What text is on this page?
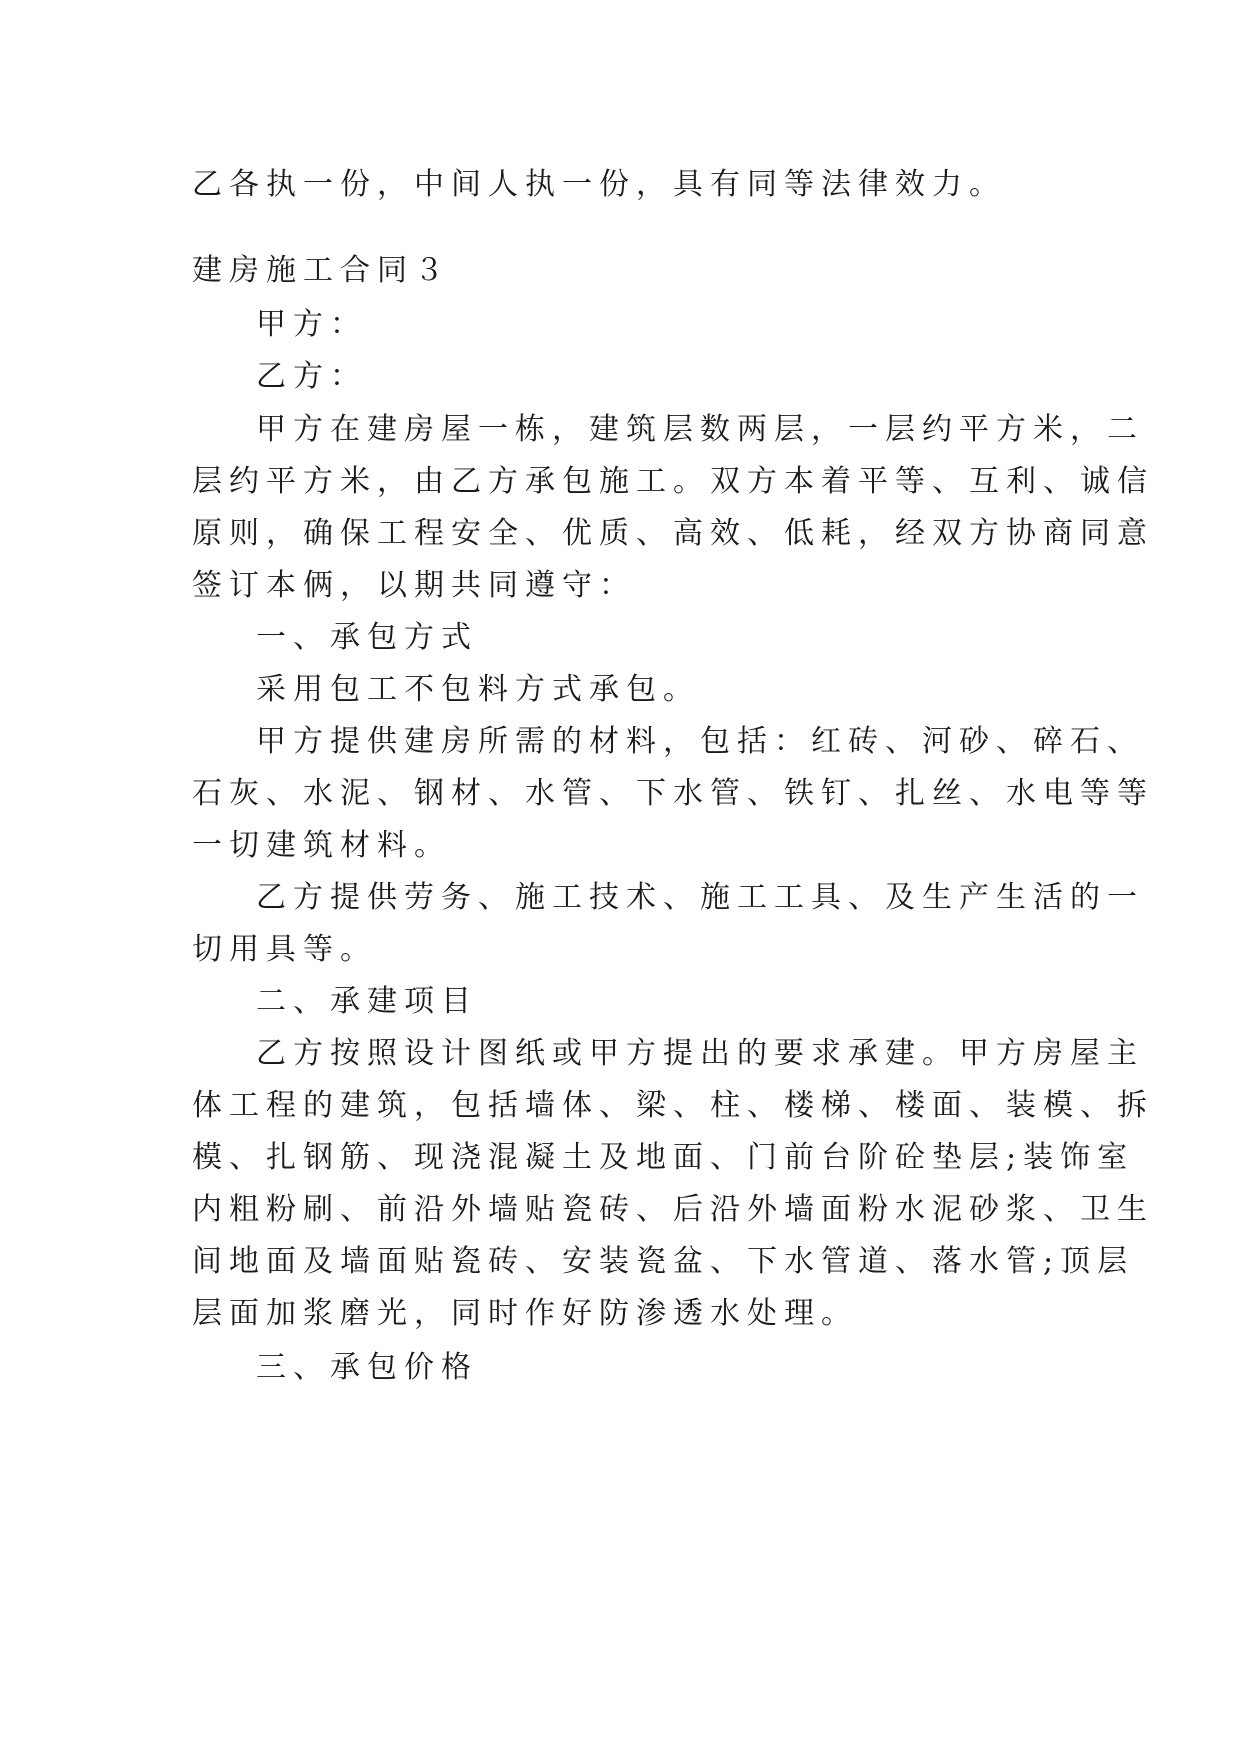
乙各执一份，中间人执一份，具有同等法律效力。
建房施工合同３
甲方：
乙方：
甲方在建房屋一栋，建筑层数两层，一层约平方米，二
层约平方米，由乙方承包施工。双方本着平等、互利、诚信
原则，确保工程安全、优质、高效、低耗，经双方协商同意
签订本俩，以期共同遵守：
一、承包方式
采用包工不包料方式承包。
甲方提供建房所需的材料，包括：红砖、河砂、碎石、
石灰、水泥、钢材、水管、下水管、铁钉、扎丝、水电等等
一切建筑材料。
乙方提供劳务、施工技术、施工工具、及生产生活的一
切用具等。
二、承建项目
乙方按照设计图纸或甲方提出的要求承建。甲方房屋主
体工程的建筑，包括墙体、梁、柱、楼梯、楼面、装模、拆
模、扎钢筋、现浇混凝土及地面、门前台阶砼垫层;装饰室
内粗粉刷、前沿外墙贴瓷砖、后沿外墙面粉水泥砂浆、卫生
间地面及墙面贴瓷砖、安装瓷盆、下水管道、落水管;顶层
层面加浆磨光，同时作好防渗透水处理。
三、承包价格
